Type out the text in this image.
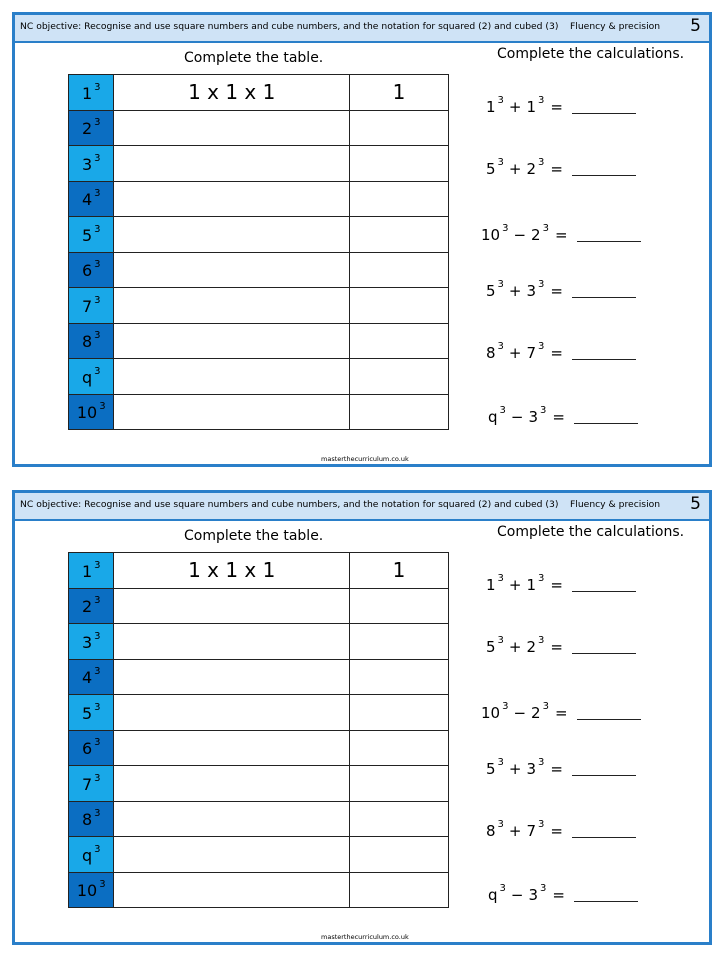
NC objective: Recognise and use square numbers and cube numbers, and the notation for squared (2) and cubed (3) Fluency & precision 5
Complete the table.	Complete the calculations.
1 $^3$	1 x 1 x 1	1
2 $^3$		
3 $^3$		
4 $^3$		
5 $^3$		
6 $^3$		
7 $^3$		
8 $^3$		
q $^3$		
10 $^3$		
1 $^3$ + 1 $^3$ =
5 $^3$ + 2 $^3$ =
10 $^3$ − 2 $^3$ =
5 $^3$ + 3 $^3$ =
8 $^3$ + 7 $^3$ =
q $^3$ − 3 $^3$ =
masterthecurriculum.co.uk
NC objective: Recognise and use square numbers and cube numbers, and the notation for squared (2) and cubed (3) Fluency & precision 5
Complete the table.	Complete the calculations.
1 $^3$	1 x 1 x 1	1
2 $^3$		
3 $^3$		
4 $^3$		
5 $^3$		
6 $^3$		
7 $^3$		
8 $^3$		
q $^3$		
10 $^3$		
1 $^3$ + 1 $^3$ =
5 $^3$ + 2 $^3$ =
10 $^3$ − 2 $^3$ =
5 $^3$ + 3 $^3$ =
8 $^3$ + 7 $^3$ =
q $^3$ − 3 $^3$ =
masterthecurriculum.co.uk
